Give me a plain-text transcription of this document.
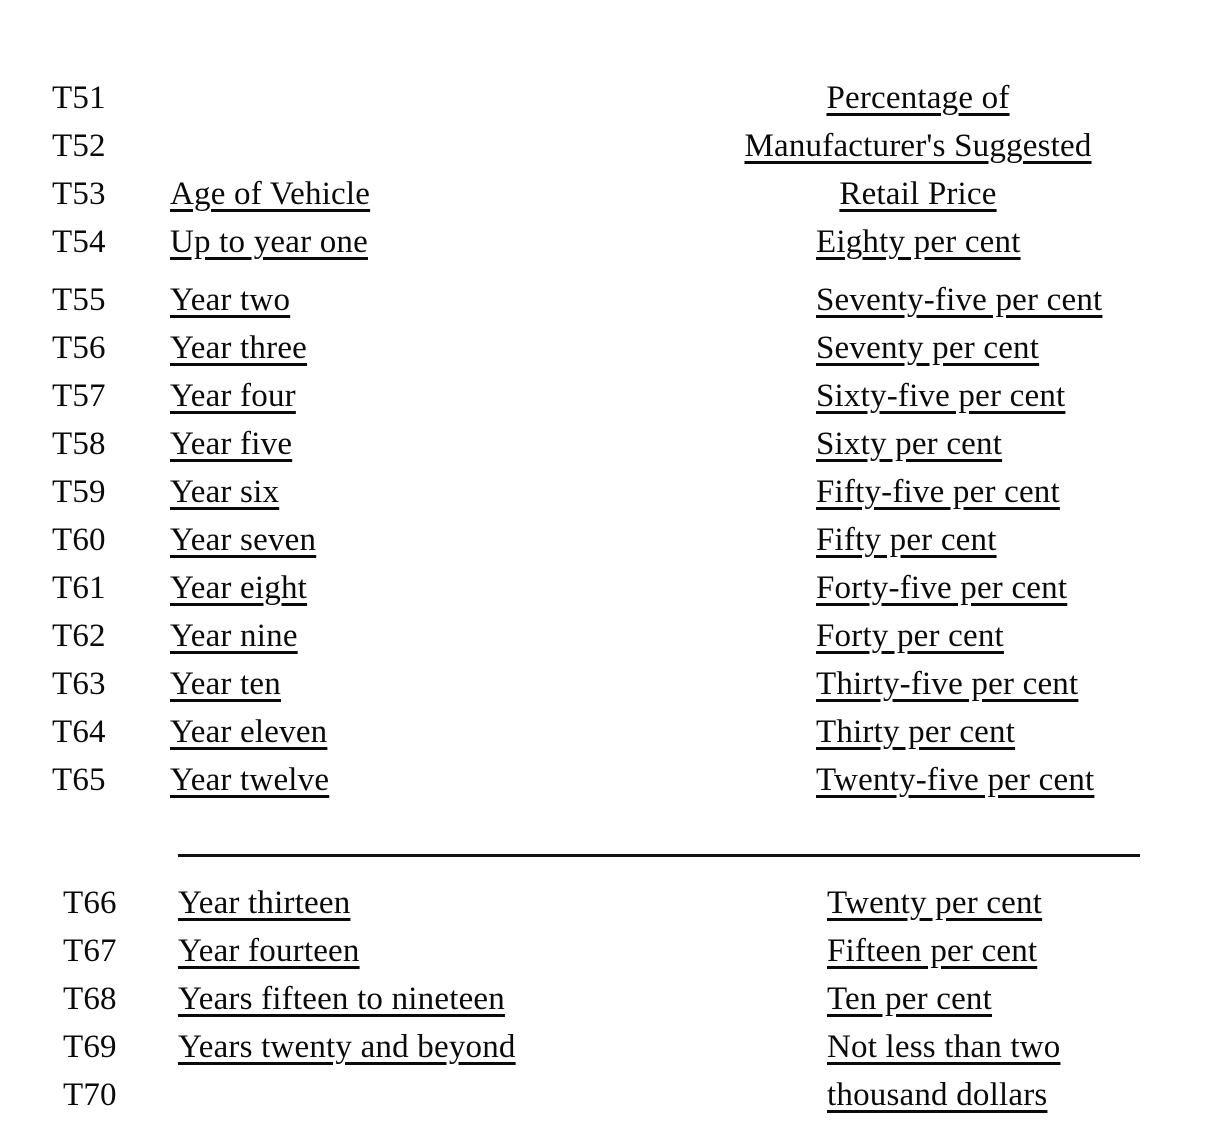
T51	Percentage of
T52	Manufacturer's Suggested
T53 Age of Vehicle	Retail Price
T54 Up to year one	Eighty per cent
T55 Year two	Seventy-five per cent
T56 Year three	Seventy per cent
T57 Year four	Sixty-five per cent
T58 Year five	Sixty per cent
T59 Year six	Fifty-five per cent
T60 Year seven	Fifty per cent
T61 Year eight	Forty-five per cent
T62 Year nine	Forty per cent
T63 Year ten	Thirty-five per cent
T64 Year eleven	Thirty per cent
T65 Year twelve	Twenty-five per cent
T66 Year thirteen	Twenty per cent
T67 Year fourteen	Fifteen per cent
T68 Years fifteen to nineteen	Ten per cent
T69 Years twenty and beyond	Not less than two
T70	thousand dollars
